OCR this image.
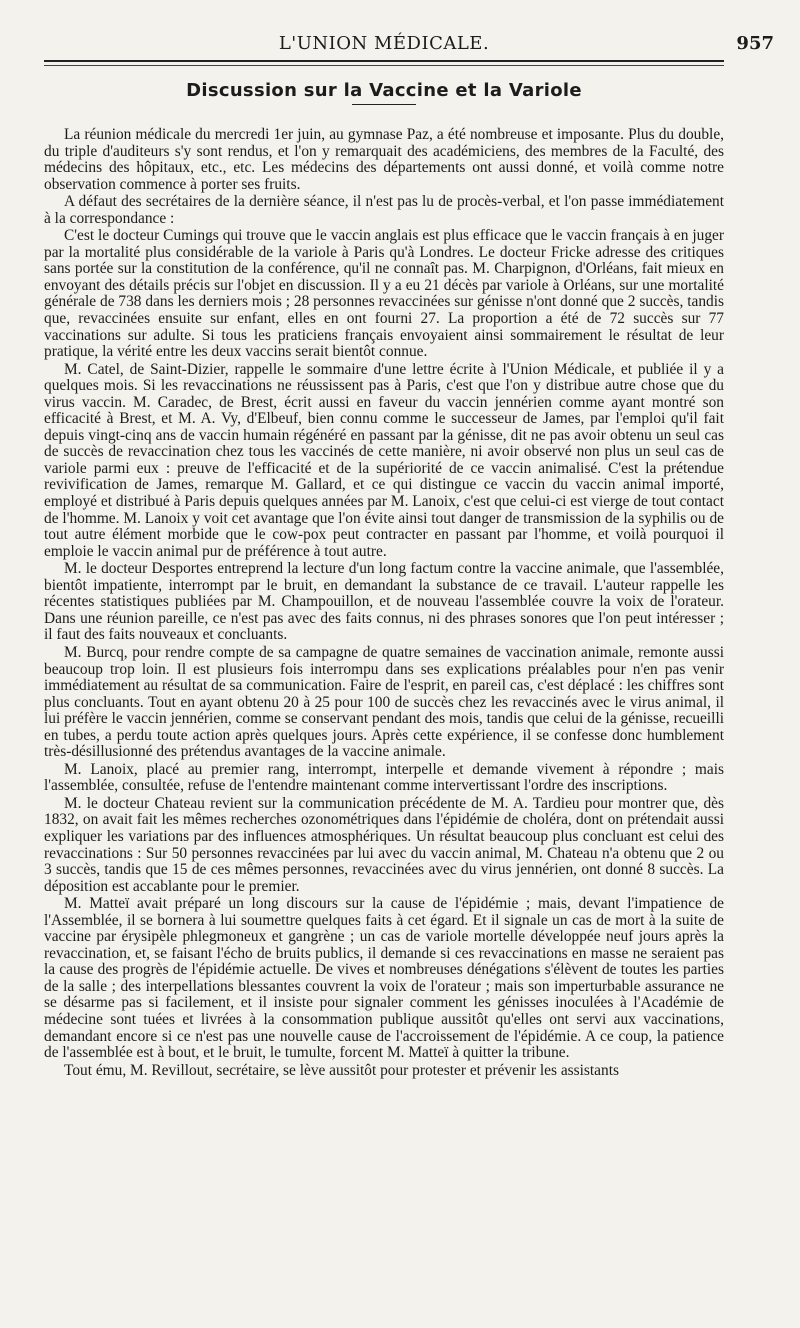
L'UNION MÉDICALE.	957
Discussion sur la Vaccine et la Variole

La réunion médicale du mercredi 1er juin, au gymnase Paz, a été nombreuse et imposante. Plus du double, du triple d'auditeurs s'y sont rendus, et l'on y remarquait des académiciens, des membres de la Faculté, des médecins des hôpitaux, etc., etc. Les médecins des départements ont aussi donné, et voilà comme notre observation commence à porter ses fruits.

A défaut des secrétaires de la dernière séance, il n'est pas lu de procès-verbal, et l'on passe immédiatement à la correspondance :

C'est le docteur Cumings qui trouve que le vaccin anglais est plus efficace que le vaccin français à en juger par la mortalité plus considérable de la variole à Paris qu'à Londres. Le docteur Fricke adresse des critiques sans portée sur la constitution de la conférence, qu'il ne connaît pas. M. Charpignon, d'Orléans, fait mieux en envoyant des détails précis sur l'objet en discussion. Il y a eu 21 décès par variole à Orléans, sur une mortalité générale de 738 dans les derniers mois ; 28 personnes revaccinées sur génisse n'ont donné que 2 succès, tandis que, revaccinées ensuite sur enfant, elles en ont fourni 27. La proportion a été de 72 succès sur 77 vaccinations sur adulte. Si tous les praticiens français envoyaient ainsi sommairement le résultat de leur pratique, la vérité entre les deux vaccins serait bientôt connue.

M. Catel, de Saint-Dizier, rappelle le sommaire d'une lettre écrite à l'Union Médicale, et publiée il y a quelques mois. Si les revaccinations ne réussissent pas à Paris, c'est que l'on y distribue autre chose que du virus vaccin. M. Caradec, de Brest, écrit aussi en faveur du vaccin jennérien comme ayant montré son efficacité à Brest, et M. A. Vy, d'Elbeuf, bien connu comme le successeur de James, par l'emploi qu'il fait depuis vingt-cinq ans de vaccin humain régénéré en passant par la génisse, dit ne pas avoir obtenu un seul cas de succès de revaccination chez tous les vaccinés de cette manière, ni avoir observé non plus un seul cas de variole parmi eux : preuve de l'efficacité et de la supériorité de ce vaccin animalisé. C'est la prétendue revivification de James, remarque M. Gallard, et ce qui distingue ce vaccin du vaccin animal importé, employé et distribué à Paris depuis quelques années par M. Lanoix, c'est que celui-ci est vierge de tout contact de l'homme. M. Lanoix y voit cet avantage que l'on évite ainsi tout danger de transmission de la syphilis ou de tout autre élément morbide que le cow-pox peut contracter en passant par l'homme, et voilà pourquoi il emploie le vaccin animal pur de préférence à tout autre.

M. le docteur Desportes entreprend la lecture d'un long factum contre la vaccine animale, que l'assemblée, bientôt impatiente, interrompt par le bruit, en demandant la substance de ce travail. L'auteur rappelle les récentes statistiques publiées par M. Champouillon, et de nouveau l'assemblée couvre la voix de l'orateur. Dans une réunion pareille, ce n'est pas avec des faits connus, ni des phrases sonores que l'on peut intéresser ; il faut des faits nouveaux et concluants.

M. Burcq, pour rendre compte de sa campagne de quatre semaines de vaccination animale, remonte aussi beaucoup trop loin. Il est plusieurs fois interrompu dans ses explications préalables pour n'en pas venir immédiatement au résultat de sa communication. Faire de l'esprit, en pareil cas, c'est déplacé : les chiffres sont plus concluants. Tout en ayant obtenu 20 à 25 pour 100 de succès chez les revaccinés avec le virus animal, il lui préfère le vaccin jennérien, comme se conservant pendant des mois, tandis que celui de la génisse, recueilli en tubes, a perdu toute action après quelques jours. Après cette expérience, il se confesse donc humblement très-désillusionné des prétendus avantages de la vaccine animale.

M. Lanoix, placé au premier rang, interrompt, interpelle et demande vivement à répondre ; mais l'assemblée, consultée, refuse de l'entendre maintenant comme intervertissant l'ordre des inscriptions.

M. le docteur Chateau revient sur la communication précédente de M. A. Tardieu pour montrer que, dès 1832, on avait fait les mêmes recherches ozonométriques dans l'épidémie de choléra, dont on prétendait aussi expliquer les variations par des influences atmosphériques. Un résultat beaucoup plus concluant est celui des revaccinations : Sur 50 personnes revaccinées par lui avec du vaccin animal, M. Chateau n'a obtenu que 2 ou 3 succès, tandis que 15 de ces mêmes personnes, revaccinées avec du virus jennérien, ont donné 8 succès. La déposition est accablante pour le premier.

M. Matteï avait préparé un long discours sur la cause de l'épidémie ; mais, devant l'impatience de l'Assemblée, il se bornera à lui soumettre quelques faits à cet égard. Et il signale un cas de mort à la suite de vaccine par érysipèle phlegmoneux et gangrène ; un cas de variole mortelle développée neuf jours après la revaccination, et, se faisant l'écho de bruits publics, il demande si ces revaccinations en masse ne seraient pas la cause des progrès de l'épidémie actuelle. De vives et nombreuses dénégations s'élèvent de toutes les parties de la salle ; des interpellations blessantes couvrent la voix de l'orateur ; mais son imperturbable assurance ne se désarme pas si facilement, et il insiste pour signaler comment les génisses inoculées à l'Académie de médecine sont tuées et livrées à la consommation publique aussitôt qu'elles ont servi aux vaccinations, demandant encore si ce n'est pas une nouvelle cause de l'accroissement de l'épidémie. A ce coup, la patience de l'assemblée est à bout, et le bruit, le tumulte, forcent M. Matteï à quitter la tribune.

Tout ému, M. Revillout, secrétaire, se lève aussitôt pour protester et prévenir les assistants
